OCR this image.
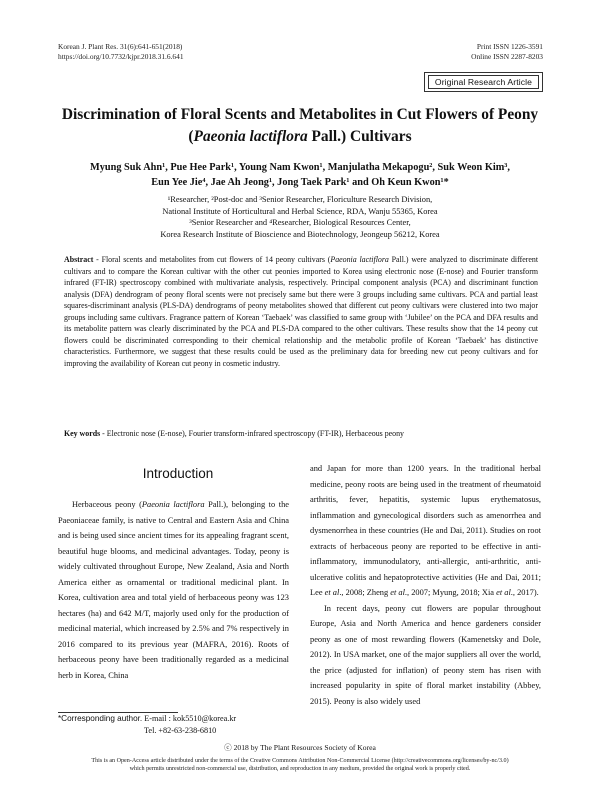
Korean J. Plant Res. 31(6):641-651(2018)
https://doi.org/10.7732/kjpr.2018.31.6.641
Print ISSN 1226-3591
Online ISSN 2287-8203
Original Research Article
Discrimination of Floral Scents and Metabolites in Cut Flowers of Peony
(Paeonia lactiflora Pall.) Cultivars
Myung Suk Ahn¹, Pue Hee Park¹, Young Nam Kwon¹, Manjulatha Mekapogu², Suk Weon Kim³,
Eun Yee Jie⁴, Jae Ah Jeong¹, Jong Taek Park¹ and Oh Keun Kwon¹*
¹Researcher, ²Post-doc and ³Senior Researcher, Floriculture Research Division,
National Institute of Horticultural and Herbal Science, RDA, Wanju 55365, Korea
³Senior Researcher and ⁴Researcher, Biological Resources Center,
Korea Research Institute of Bioscience and Biotechnology, Jeongeup 56212, Korea
Abstract - Floral scents and metabolites from cut flowers of 14 peony cultivars (Paeonia lactiflora Pall.) were analyzed to discriminate different cultivars and to compare the Korean cultivar with the other cut peonies imported to Korea using electronic nose (E-nose) and Fourier transform infrared (FT-IR) spectroscopy combined with multivariate analysis, respectively. Principal component analysis (PCA) and discriminant function analysis (DFA) dendrogram of peony floral scents were not precisely same but there were 3 groups including same cultivars. PCA and partial least squares-discriminant analysis (PLS-DA) dendrograms of peony metabolites showed that different cut peony cultivars were clustered into two major groups including same cultivars. Fragrance pattern of Korean ‘Taebaek’ was classified to same group with ‘Jubilee’ on the PCA and DFA results and its metabolite pattern was clearly discriminated by the PCA and PLS-DA compared to the other cultivars. These results show that the 14 peony cut flowers could be discriminated corresponding to their chemical relationship and the metabolic profile of Korean ‘Taebaek’ has distinctive characteristics. Furthermore, we suggest that these results could be used as the preliminary data for breeding new cut peony cultivars and for improving the availability of Korean cut peony in cosmetic industry.
Key words - Electronic nose (E-nose), Fourier transform-infrared spectroscopy (FT-IR), Herbaceous peony
Introduction

Herbaceous peony (Paeonia lactiflora Pall.), belonging to the Paeoniaceae family, is native to Central and Eastern Asia and China and is being used since ancient times for its appealing fragrant scent, beautiful huge blooms, and medicinal advantages. Today, peony is widely cultivated throughout Europe, New Zealand, Asia and North America either as ornamental or traditional medicinal plant. In Korea, cultivation area and total yield of herbaceous peony was 123 hectares (ha) and 642 M/T, majorly used only for the production of medicinal material, which increased by 2.5% and 7% respectively in 2016 compared to its previous year (MAFRA, 2016). Roots of herbaceous peony have been traditionally regarded as a medicinal herb in Korea, China

and Japan for more than 1200 years. In the traditional herbal medicine, peony roots are being used in the treatment of rheumatoid arthritis, fever, hepatitis, systemic lupus erythematosus, inflammation and gynecological disorders such as amenorrhea and dysmenorrhea in these countries (He and Dai, 2011). Studies on root extracts of herbaceous peony are reported to be effective in anti-inflammatory, immunodulatory, anti-allergic, anti-arthritic, anti-ulcerative colitis and hepatoprotective activities (He and Dai, 2011; Lee et al., 2008; Zheng et al., 2007; Myung, 2018; Xia et al., 2017).

In recent days, peony cut flowers are popular throughout Europe, Asia and North America and hence gardeners consider peony as one of most rewarding flowers (Kamenetsky and Dole, 2012). In USA market, one of the major suppliers all over the world, the price (adjusted for inflation) of peony stem has risen with increased popularity in spite of floral market instability (Abbey, 2015). Peony is also widely used

*Corresponding author. E-mail : kok5510@korea.kr
Tel. +82-63-238-6810
ⓒ 2018 by The Plant Resources Society of Korea
This is an Open-Access article distributed under the terms of the Creative Commons Attribution Non-Commercial License (http://creativecommons.org/licenses/by-nc/3.0)
which permits unrestricted non-commercial use, distribution, and reproduction in any medium, provided the original work is properly cited.
